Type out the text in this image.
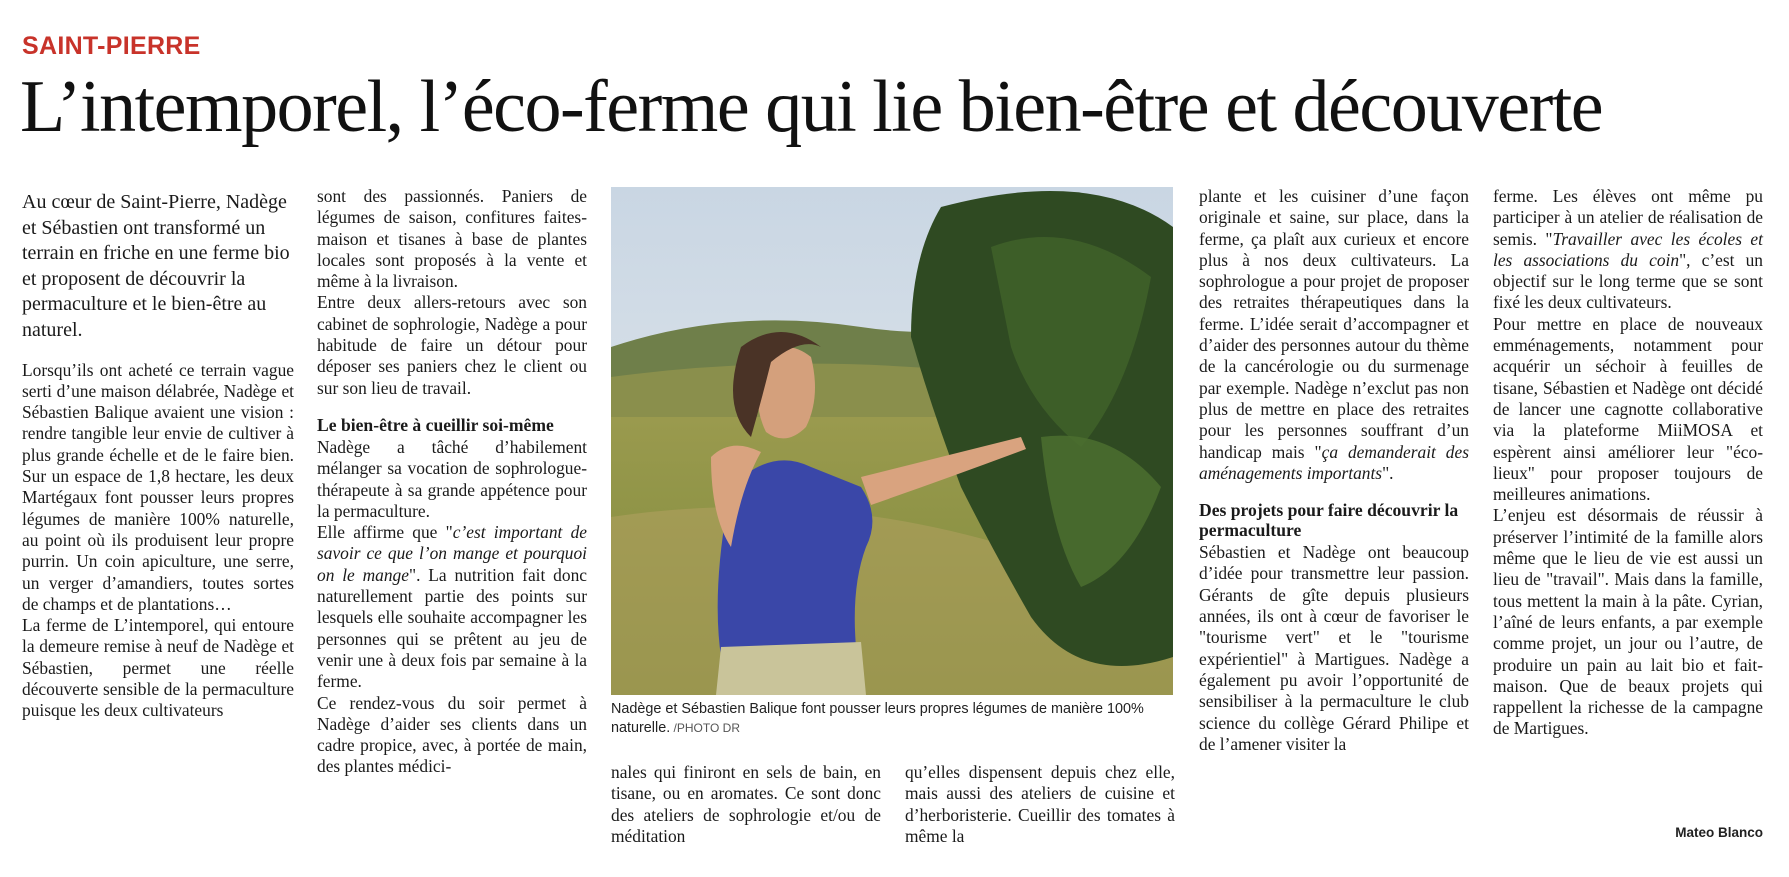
SAINT-PIERRE
L’intemporel, l’éco-ferme qui lie bien-être et découverte

Au cœur de Saint-Pierre, Nadège et Sébastien ont transformé un terrain en friche en une ferme bio et proposent de découvrir la permaculture et le bien-être au naturel.

Lorsqu’ils ont acheté ce terrain vague serti d’une maison délabrée, Nadège et Sébastien Balique avaient une vision : rendre tangible leur envie de cultiver à plus grande échelle et de le faire bien. Sur un espace de 1,8 hectare, les deux Martégaux font pousser leurs propres légumes de manière 100% naturelle, au point où ils produisent leur propre purrin. Un coin apiculture, une serre, un verger d’amandiers, toutes sortes de champs et de plantations…

La ferme de L’intemporel, qui entoure la demeure remise à neuf de Nadège et Sébastien, permet une réelle découverte sensible de la permaculture puisque les deux cultivateurs

sont des passionnés. Paniers de légumes de saison, confitures faites-maison et tisanes à base de plantes locales sont proposés à la vente et même à la livraison.

Entre deux allers-retours avec son cabinet de sophrologie, Nadège a pour habitude de faire un détour pour déposer ses paniers chez le client ou sur son lieu de travail.

Le bien-être à cueillir soi-même

Nadège a tâché d’habilement mélanger sa vocation de sophrologue-thérapeute à sa grande appétence pour la permaculture.

Elle affirme que "c’est important de savoir ce que l’on mange et pourquoi on le mange". La nutrition fait donc naturellement partie des points sur lesquels elle souhaite accompagner les personnes qui se prêtent au jeu de venir une à deux fois par semaine à la ferme.

Ce rendez-vous du soir permet à Nadège d’aider ses clients dans un cadre propice, avec, à portée de main, des plantes médici-

Nadège et Sébastien Balique font pousser leurs propres légumes de manière 100% naturelle. /PHOTO DR

nales qui finiront en sels de bain, en tisane, ou en aromates. Ce sont donc des ateliers de sophrologie et/ou de méditation

qu’elles dispensent depuis chez elle, mais aussi des ateliers de cuisine et d’herboristerie. Cueillir des tomates à même la

plante et les cuisiner d’une façon originale et saine, sur place, dans la ferme, ça plaît aux curieux et encore plus à nos deux cultivateurs. La sophrologue a pour projet de proposer des retraites thérapeutiques dans la ferme. L’idée serait d’accompagner et d’aider des personnes autour du thème de la cancérologie ou du surmenage par exemple. Nadège n’exclut pas non plus de mettre en place des retraites pour les personnes souffrant d’un handicap mais "ça demanderait des aménagements importants".

Des projets pour faire découvrir la permaculture

Sébastien et Nadège ont beaucoup d’idée pour transmettre leur passion. Gérants de gîte depuis plusieurs années, ils ont à cœur de favoriser le "tourisme vert" et le "tourisme expérientiel" à Martigues. Nadège a également pu avoir l’opportunité de sensibiliser à la permaculture le club science du collège Gérard Philipe et de l’amener visiter la

ferme. Les élèves ont même pu participer à un atelier de réalisation de semis. "Travailler avec les écoles et les associations du coin", c’est un objectif sur le long terme que se sont fixé les deux cultivateurs.

Pour mettre en place de nouveaux emménagements, notamment pour acquérir un séchoir à feuilles de tisane, Sébastien et Nadège ont décidé de lancer une cagnotte collaborative via la plateforme MiiMOSA et espèrent ainsi améliorer leur "éco-lieux" pour proposer toujours de meilleures animations.

L’enjeu est désormais de réussir à préserver l’intimité de la famille alors même que le lieu de vie est aussi un lieu de "travail". Mais dans la famille, tous mettent la main à la pâte. Cyrian, l’aîné de leurs enfants, a par exemple comme projet, un jour ou l’autre, de produire un pain au lait bio et fait-maison. Que de beaux projets qui rappellent la richesse de la campagne de Martigues.

Mateo Blanco
